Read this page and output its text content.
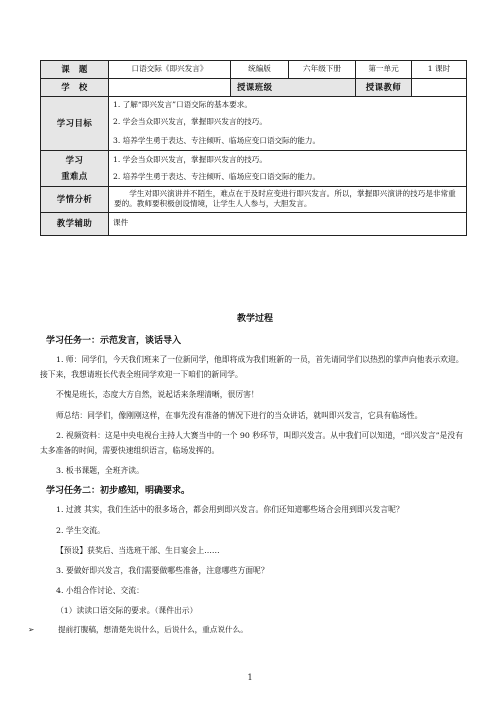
课　题	口语交际《即兴发言》	统编版	六年级下册	第一单元	1 课时
学　校		授课班级		授课教师	
学习目标	1. 了解“即兴发言”口语交际的基本要求。				
	2. 学会当众即兴发言，掌握即兴发言的技巧。				
	3. 培养学生勇于表达、专注倾听、临场应变口语交际的能力。				
学习
重难点	1. 学会当众即兴发言，掌握即兴发言的技巧。				
	2. 培养学生勇于表达、专注倾听、临场应变口语交际的能力。				
学情分析	学生对即兴演讲并不陌生，难点在于及时应变进行即兴发言。所以，掌握即兴演讲的技巧是非常重要的。教师要积极创设情境，让学生人人参与，大胆发言。				
教学辅助	课件				
教学过程
学习任务一：示范发言，谈话导入
1. 师：同学们，今天我们班来了一位新同学，他即将成为我们班新的一员，首先请同学们以热烈的掌声向他表示欢迎。接下来，我想请班长代表全班同学欢迎一下咱们的新同学。
不愧是班长，态度大方自然，说起话来条理清晰，很厉害！
师总结：同学们，像刚刚这样，在事先没有准备的情况下进行的当众讲话，就叫即兴发言，它具有临场性。
2. 视频资料：这是中央电视台主持人大赛当中的一个 90 秒环节，叫即兴发言。从中我们可以知道，“即兴发言”是没有太多准备的时间，需要快速组织语言，临场发挥的。
3. 板书课题，全班齐读。
学习任务二：初步感知，明确要求。
1. 过渡 其实，我们生活中的很多场合，都会用到即兴发言。你们还知道哪些场合会用到即兴发言呢？
2. 学生交流。
【预设】获奖后、当选班干部、生日宴会上……
3. 要做好即兴发言，我们需要做哪些准备，注意哪些方面呢？
4. 小组合作讨论、交流：
（1）读读口语交际的要求。（课件出示）
➢	提前打腹稿，想清楚先说什么，后说什么，重点说什么。
1
